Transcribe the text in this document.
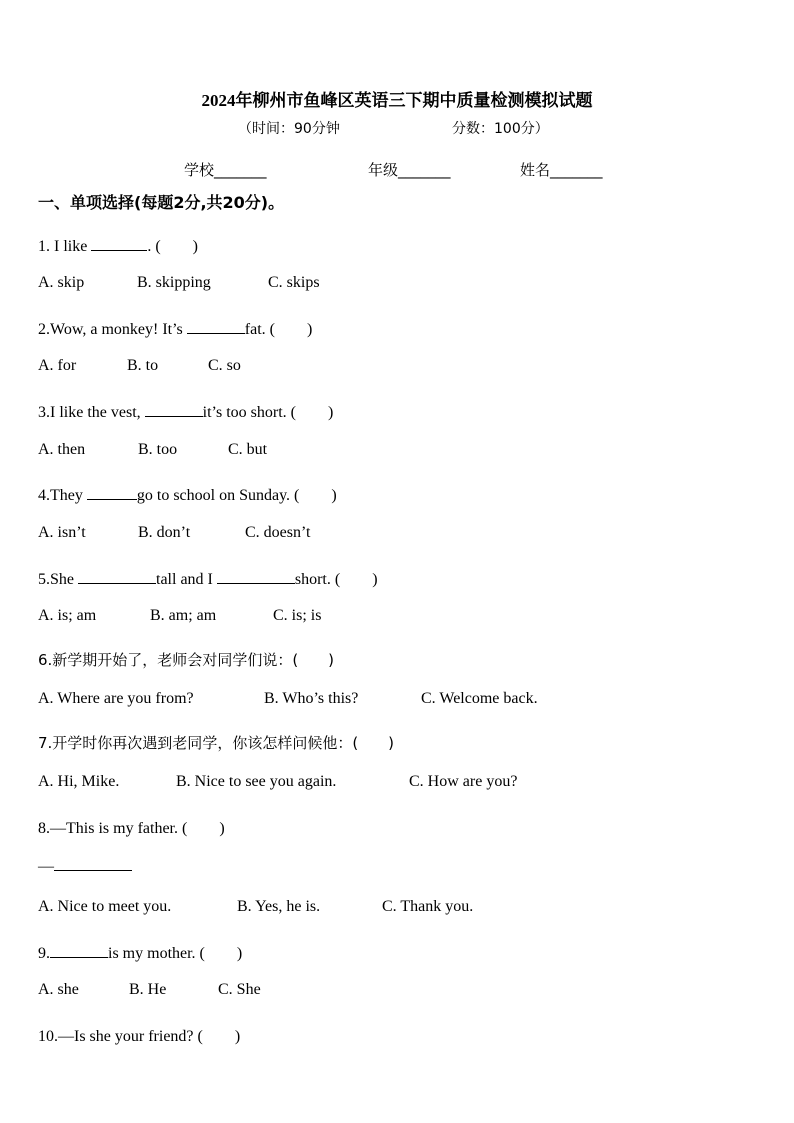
2024年柳州市鱼峰区英语三下期中质量检测模拟试题
（时间：90分钟	分数：100分）
学校_______	年级_______	姓名_______
一、单项选择(每题2分,共20分)。
1. I like	. (　　)
A. skip	B. skipping	C. skips
2.Wow, a monkey! It’s	fat. (　　)
A. for	B. to	C. so
3.I like the vest,	it’s too short. (　　)
A. then	B. too	C. but
4.They	go to school on Sunday. (　　)
A. isn’t	B. don’t	C. doesn’t
5.She	tall and I	short. (　　)
A. is; am	B. am; am	C. is; is
6.新学期开始了，老师会对同学们说：(　　)
A. Where are you from?	B. Who’s this?	C. Welcome back.
7.开学时你再次遇到老同学，你该怎样问候他：(　　)
A. Hi, Mike.	B. Nice to see you again.	C. How are you?
8.—This is my father. (　　)
—
A. Nice to meet you.	B. Yes, he is.	C. Thank you.
9.	is my mother. (　　)
A. she	B. He	C. She
10.—Is she your friend? (　　)
